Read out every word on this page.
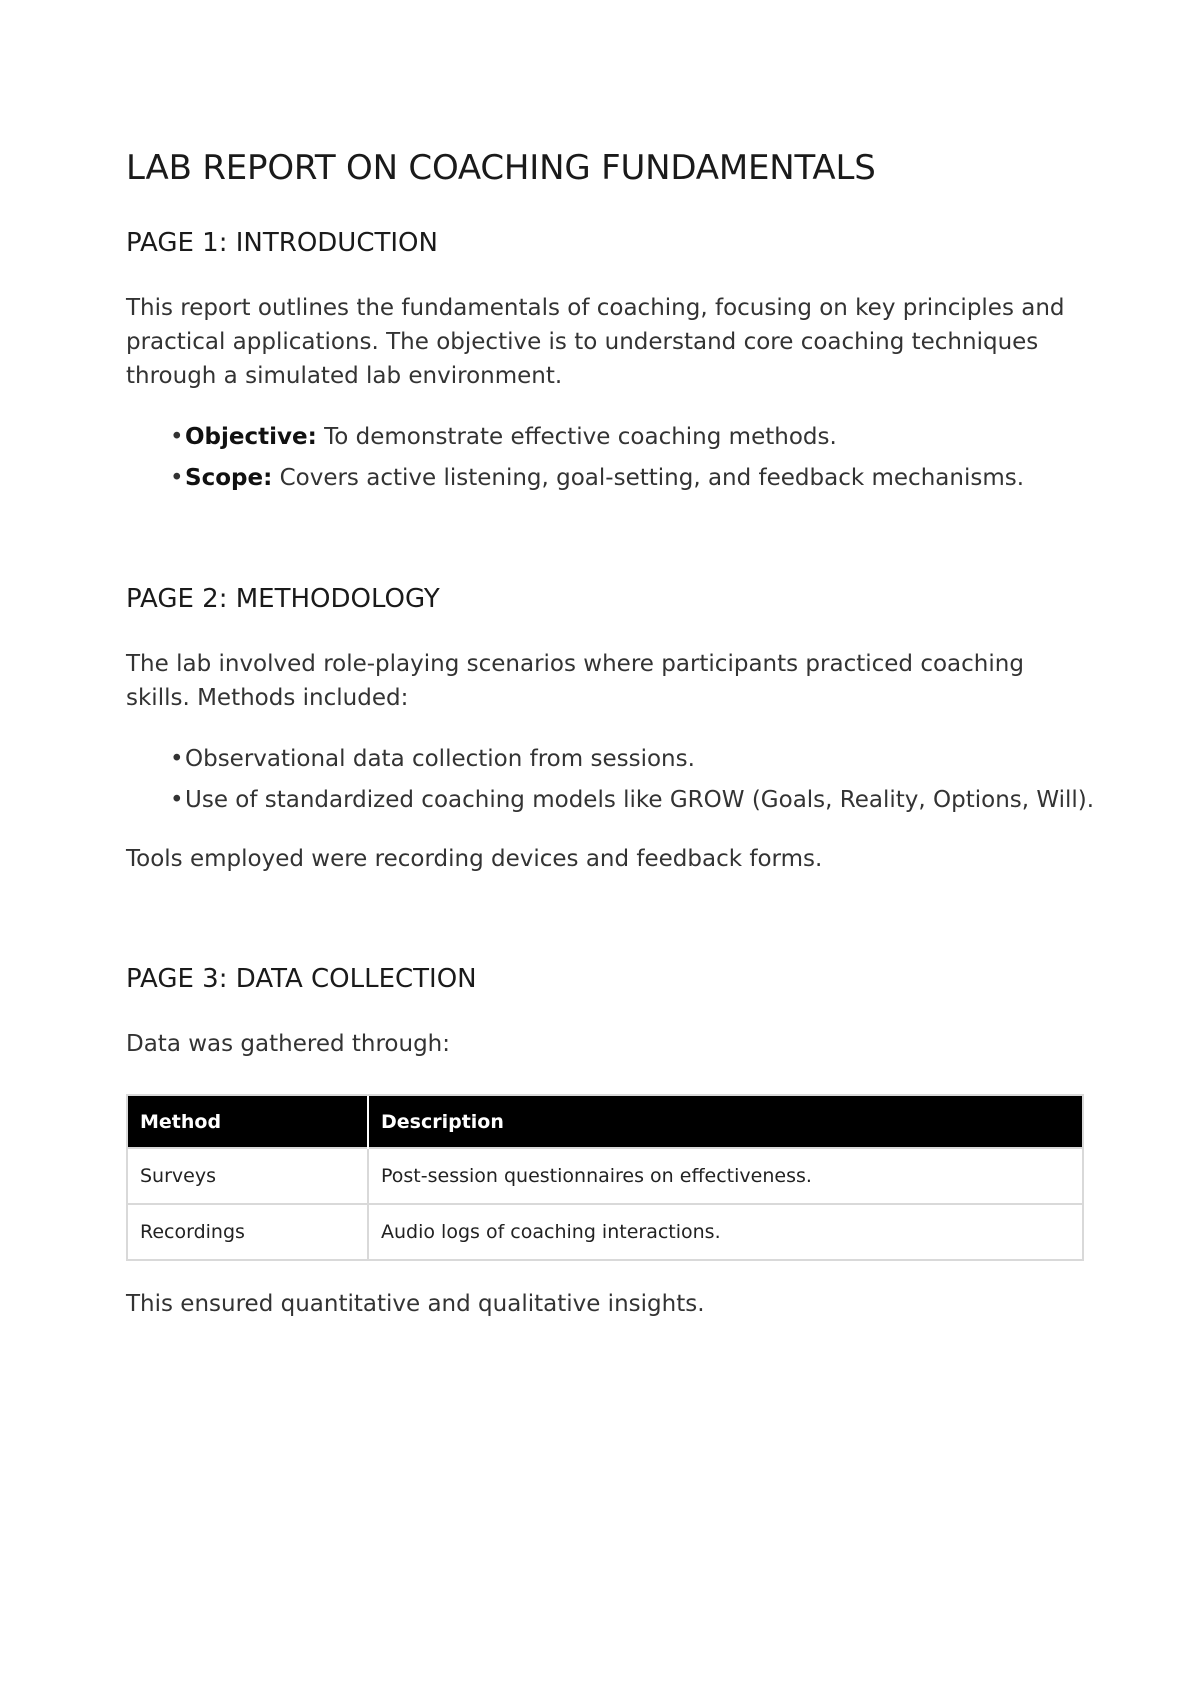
LAB REPORT ON COACHING FUNDAMENTALS
PAGE 1: INTRODUCTION

This report outlines the fundamentals of coaching, focusing on key principles and practical applications. The objective is to understand core coaching techniques through a simulated lab environment.

•Objective: To demonstrate effective coaching methods.
•Scope: Covers active listening, goal-setting, and feedback mechanisms.
PAGE 2: METHODOLOGY

The lab involved role-playing scenarios where participants practiced coaching skills. Methods included:

•Observational data collection from sessions.
•Use of standardized coaching models like GROW (Goals, Reality, Options, Will).

Tools employed were recording devices and feedback forms.

PAGE 3: DATA COLLECTION

Data was gathered through:

Method	Description
Surveys	Post-session questionnaires on effectiveness.
Recordings	Audio logs of coaching interactions.

This ensured quantitative and qualitative insights.
